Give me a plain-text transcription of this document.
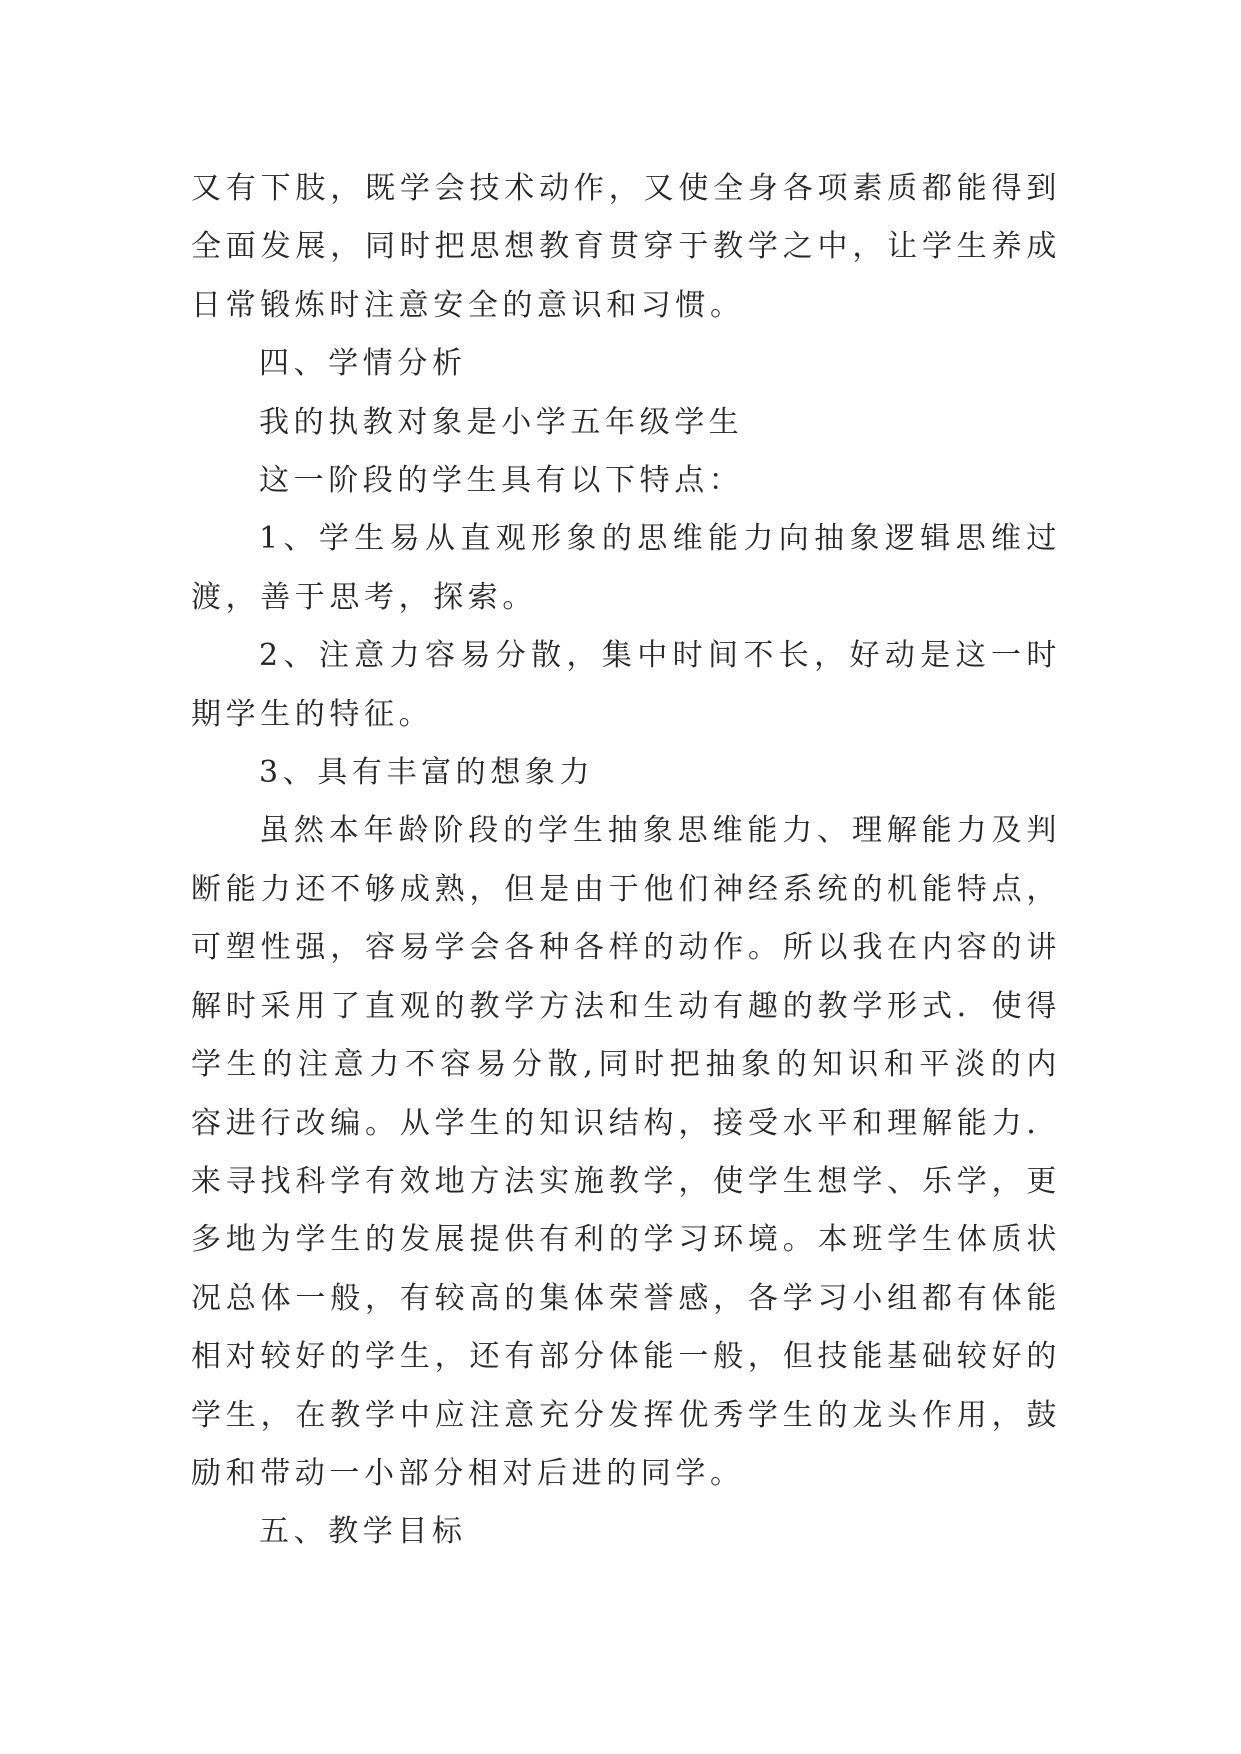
又有下肢，既学会技术动作，又使全身各项素质都能得到全面发展，同时把思想教育贯穿于教学之中，让学生养成日常锻炼时注意安全的意识和习惯。

四、学情分析

我的执教对象是小学五年级学生

这一阶段的学生具有以下特点：

1、学生易从直观形象的思维能力向抽象逻辑思维过渡，善于思考，探索。

2、注意力容易分散，集中时间不长，好动是这一时期学生的特征。

3、具有丰富的想象力

虽然本年龄阶段的学生抽象思维能力、理解能力及判断能力还不够成熟，但是由于他们神经系统的机能特点，可塑性强，容易学会各种各样的动作。所以我在内容的讲解时采用了直观的教学方法和生动有趣的教学形式．使得学生的注意力不容易分散,同时把抽象的知识和平淡的内容进行改编。从学生的知识结构，接受水平和理解能力．来寻找科学有效地方法实施教学，使学生想学、乐学，更多地为学生的发展提供有利的学习环境。本班学生体质状况总体一般，有较高的集体荣誉感，各学习小组都有体能相对较好的学生，还有部分体能一般，但技能基础较好的学生，在教学中应注意充分发挥优秀学生的龙头作用，鼓励和带动一小部分相对后进的同学。

五、教学目标
